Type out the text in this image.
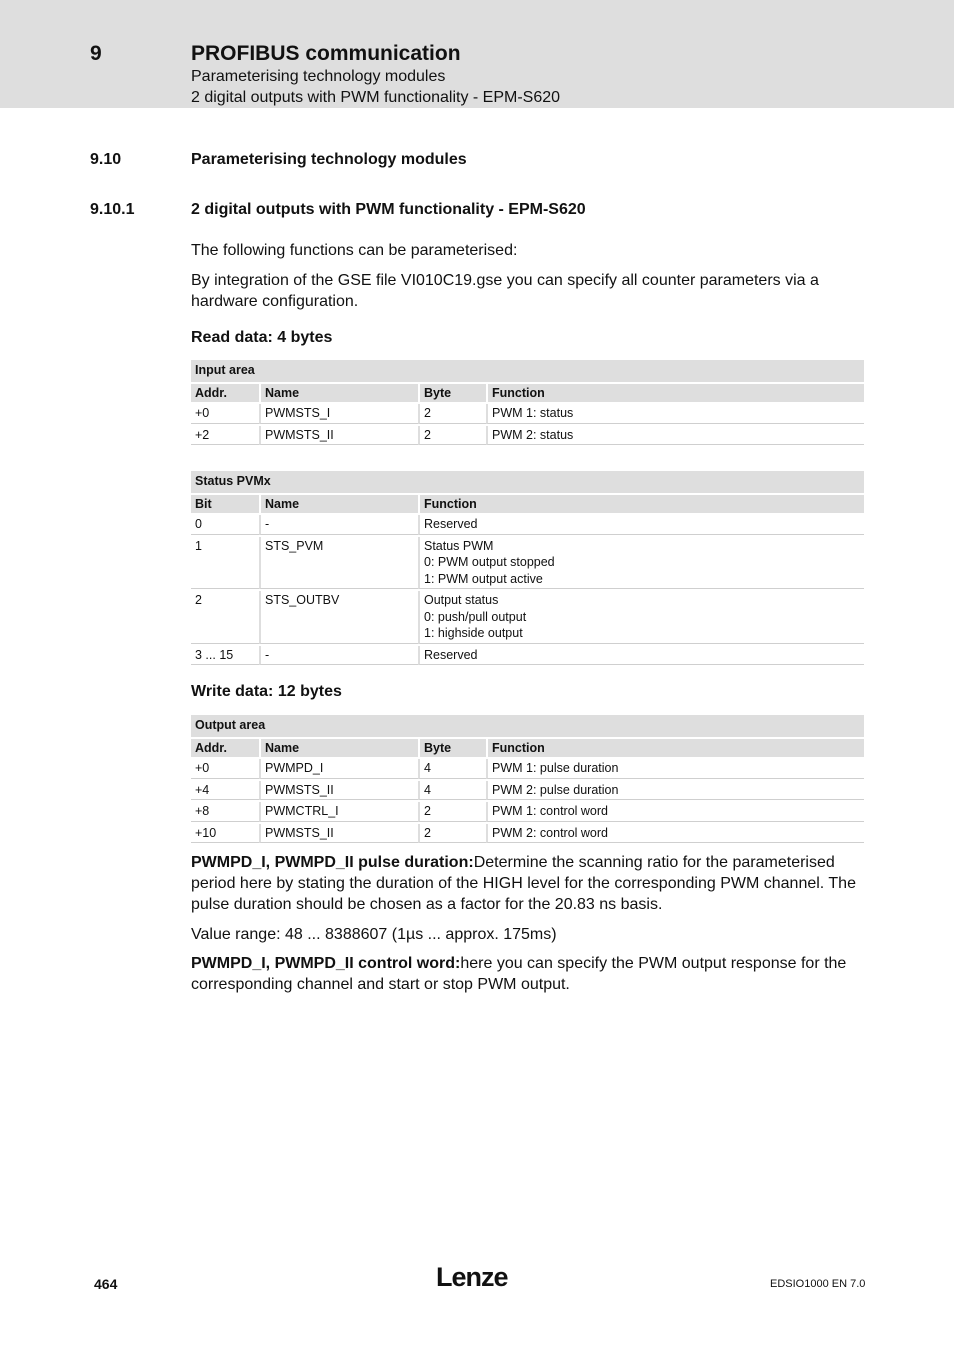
9	PROFIBUS communication
Parameterising technology modules
2 digital outputs with PWM functionality - EPM-S620
9.10	Parameterising technology modules
9.10.1	2 digital outputs with PWM functionality - EPM-S620

The following functions can be parameterised:

By integration of the GSE file VI010C19.gse you can specify all counter parameters via a hardware configuration.

Read data: 4 bytes
Input area			
Addr.	Name	Byte	Function
+0	PWMSTS_I	2	PWM 1: status
+2	PWMSTS_II	2	PWM 2: status
Status PVMx		
Bit	Name	Function
0	-	Reserved

1	STS_PVM	Status PWM
0: PWM output stopped
1: PWM output active

2	STS_OUTBV	Output status
0: push/pull output
1: highside output

3 ... 15	-	Reserved
Write data: 12 bytes
Output area			
Addr.	Name	Byte	Function
+0	PWMPD_I	4	PWM 1: pulse duration
+4	PWMSTS_II	4	PWM 2: pulse duration
+8	PWMCTRL_I	2	PWM 1: control word
+10	PWMSTS_II	2	PWM 2: control word

PWMPD_I, PWMPD_II pulse duration:Determine the scanning ratio for the parameterised period here by stating the duration of the HIGH level for the corresponding PWM channel. The pulse duration should be chosen as a factor for the 20.83 ns basis.

Value range: 48 ... 8388607 (1µs ... approx. 175ms)

PWMPD_I, PWMPD_II control word:here you can specify the PWM output response for the corresponding channel and start or stop PWM output.

464	Lenze	EDSIO1000 EN 7.0
